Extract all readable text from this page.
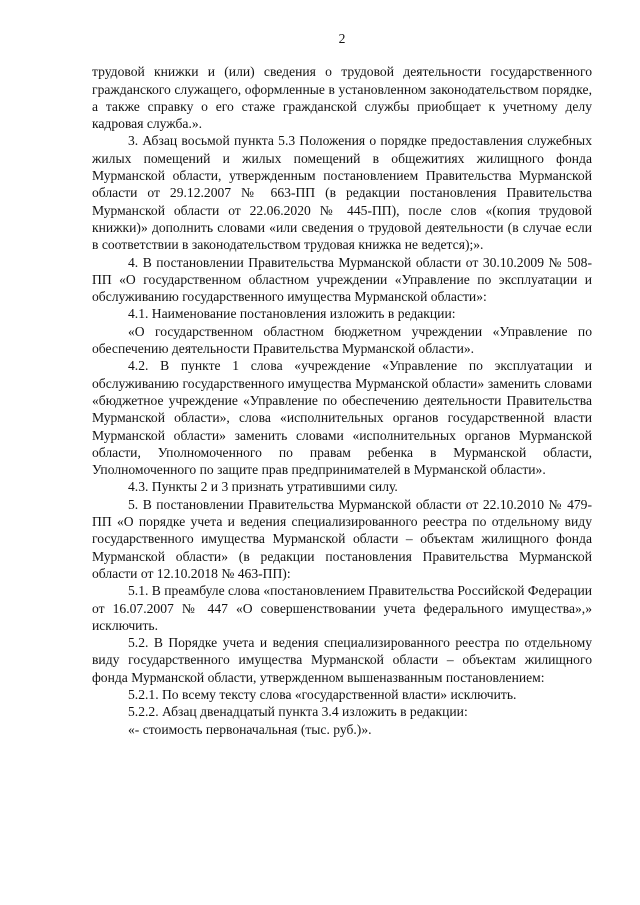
2

трудовой книжки и (или) сведения о трудовой деятельности государственного гражданского служащего, оформленные в установленном законодательством порядке, а также справку о его стаже гражданской службы приобщает к учетному делу кадровая служба.».

3. Абзац восьмой пункта 5.3 Положения о порядке предоставления служебных жилых помещений и жилых помещений в общежитиях жилищного фонда Мурманской области, утвержденным постановлением Правительства Мурманской области от 29.12.2007 № 663-ПП (в редакции постановления Правительства Мурманской области от 22.06.2020 № 445-ПП), после слов «(копия трудовой книжки)» дополнить словами «или сведения о трудовой деятельности (в случае если в соответствии в законодательством трудовая книжка не ведется);».

4. В постановлении Правительства Мурманской области от 30.10.2009 № 508-ПП «О государственном областном учреждении «Управление по эксплуатации и обслуживанию государственного имущества Мурманской области»:

4.1. Наименование постановления изложить в редакции:

«О государственном областном бюджетном учреждении «Управление по обеспечению деятельности Правительства Мурманской области».

4.2. В пункте 1 слова «учреждение «Управление по эксплуатации и обслуживанию государственного имущества Мурманской области» заменить словами «бюджетное учреждение «Управление по обеспечению деятельности Правительства Мурманской области», слова «исполнительных органов государственной власти Мурманской области» заменить словами «исполнительных органов Мурманской области, Уполномоченного по правам ребенка в Мурманской области, Уполномоченного по защите прав предпринимателей в Мурманской области».

4.3. Пункты 2 и 3 признать утратившими силу.

5. В постановлении Правительства Мурманской области от 22.10.2010 № 479-ПП «О порядке учета и ведения специализированного реестра по отдельному виду государственного имущества Мурманской области – объектам жилищного фонда Мурманской области» (в редакции постановления Правительства Мурманской области от 12.10.2018 № 463-ПП):

5.1. В преамбуле слова «постановлением Правительства Российской Федерации от 16.07.2007 № 447 «О совершенствовании учета федерального имущества»,» исключить.

5.2. В Порядке учета и ведения специализированного реестра по отдельному виду государственного имущества Мурманской области – объектам жилищного фонда Мурманской области, утвержденном вышеназванным постановлением:

5.2.1. По всему тексту слова «государственной власти» исключить.

5.2.2. Абзац двенадцатый пункта 3.4 изложить в редакции:

«- стоимость первоначальная (тыс. руб.)».
